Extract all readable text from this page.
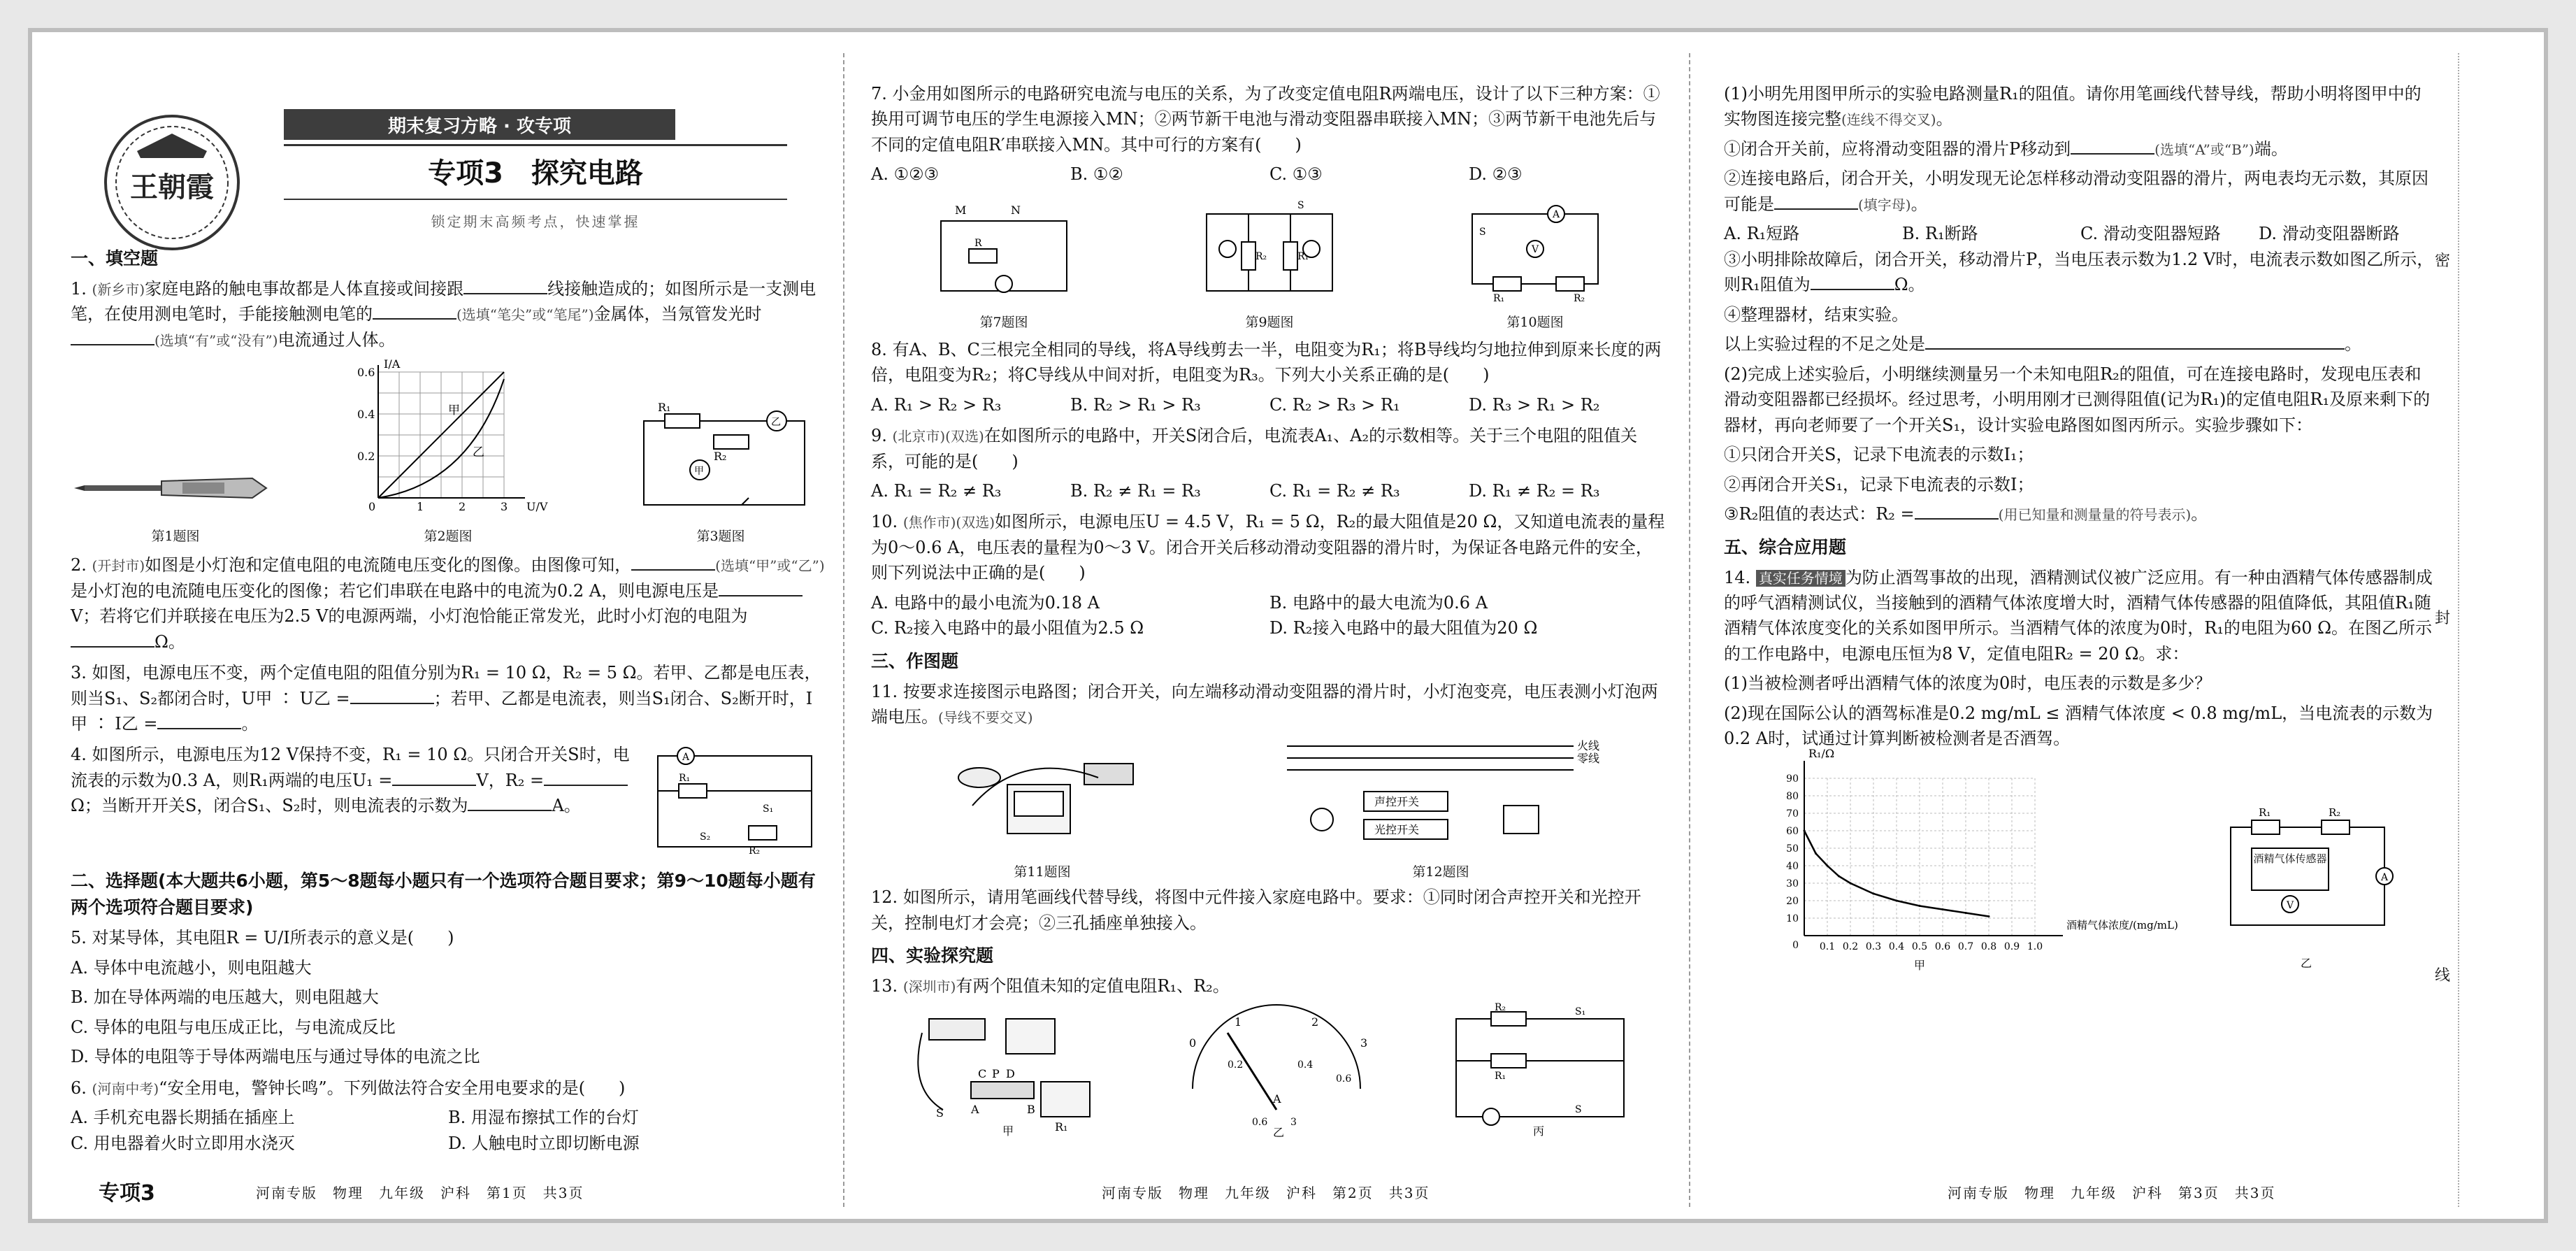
密
封
线
王朝霞
期末复习方略 · 攻专项
专项3　探究电路
锁定期末高频考点，快速掌握
一、填空题
1. (新乡市)家庭电路的触电事故都是人体直接或间接跟	线接触造成的；如图所示是一支测电笔，在使用测电笔时，手能接触测电笔的	(选填“笔尖”或“笔尾”)金属体，当氖管发光时(选填“有”或“没有”)电流通过人体。
第1题图
I/A
U/V
0.6
0.4
0.2
0	1	2	3
甲
乙
第2题图
R₁
R₂
乙
甲
第3题图
2. (开封市)如图是小灯泡和定值电阻的电流随电压变化的图像。由图像可知，	(选填“甲”或“乙”)是小灯泡的电流随电压变化的图像；若它们串联在电路中的电流为0.2 A，则电源电压是V；若将它们并联接在电压为2.5 V的电源两端，小灯泡恰能正常发光，此时小灯泡的电阻为Ω。
3. 如图，电源电压不变，两个定值电阻的阻值分别为R₁ = 10 Ω，R₂ = 5 Ω。若甲、乙都是电压表，则当S₁、S₂都闭合时，U甲 ∶ U乙 =	；若甲、乙都是电流表，则当S₁闭合、S₂断开时，I甲 ∶ I乙 =	。
4. 如图所示，电源电压为12 V保持不变，R₁ = 10 Ω。只闭合开关S时，电流表的示数为0.3 A，则R₁两端的电压U₁ =	V，R₂ =Ω；当断开开关S，闭合S₁、S₂时，则电流表的示数为	A。
A
R₁
R₂
S₁
S₂
二、选择题(本大题共6小题，第5～8题每小题只有一个选项符合题目要求；第9～10题每小题有两个选项符合题目要求)

5. 对某导体，其电阻R = U/I所表示的意义是(　　)

A. 导体中电流越小，则电阻越大

B. 加在导体两端的电压越大，则电阻越大

C. 导体的电阻与电压成正比，与电流成反比

D. 导体的电阻等于导体两端电压与通过导体的电流之比

6. (河南中考)“安全用电，警钟长鸣”。下列做法符合安全用电要求的是(　　)

A. 手机充电器长期插在插座上	B. 用湿布擦拭工作的台灯
C. 用电器着火时立即用水浇灭	D. 人触电时立即切断电源

7. 小金用如图所示的电路研究电流与电压的关系，为了改变定值电阻R两端电压，设计了以下三种方案：①换用可调节电压的学生电源接入MN；②两节新干电池与滑动变阻器串联接入MN；③两节新干电池先后与不同的定值电阻R′串联接入MN。其中可行的方案有(　　)

A. ①②③	B. ①②	C. ①③	D. ②③
M	N
R
第7题图
S
R₂	R₁
第9题图
A
V
S
R₁	R₂
第10题图

8. 有A、B、C三根完全相同的导线，将A导线剪去一半，电阻变为R₁；将B导线均匀地拉伸到原来长度的两倍，电阻变为R₂；将C导线从中间对折，电阻变为R₃。下列大小关系正确的是(　　)

A. R₁ > R₂ > R₃	B. R₂ > R₁ > R₃	C. R₂ > R₃ > R₁	D. R₃ > R₁ > R₂

9. (北京市)(双选)在如图所示的电路中，开关S闭合后，电流表A₁、A₂的示数相等。关于三个电阻的阻值关系，可能的是(　　)

A. R₁ = R₂ ≠ R₃	B. R₂ ≠ R₁ = R₃	C. R₁ = R₂ ≠ R₃	D. R₁ ≠ R₂ = R₃

10. (焦作市)(双选)如图所示，电源电压U = 4.5 V，R₁ = 5 Ω，R₂的最大阻值是20 Ω，又知道电流表的量程为0～0.6 A，电压表的量程为0～3 V。闭合开关后移动滑动变阻器的滑片时，为保证各电路元件的安全，则下列说法中正确的是(　　)

A. 电路中的最小电流为0.18 A	B. 电路中的最大电流为0.6 A
C. R₂接入电路中的最小阻值为2.5 Ω	D. R₂接入电路中的最大阻值为20 Ω
三、作图题
11. 按要求连接图示电路图；闭合开关，向左端移动滑动变阻器的滑片时，小灯泡变亮，电压表测小灯泡两端电压。(导线不要交叉)
第11题图
火线
零线
声控开关
光控开关
第12题图
12. 如图所示，请用笔画线代替导线，将图中元件接入家庭电路中。要求：①同时闭合声控开关和光控开关，控制电灯才会亮；②三孔插座单独接入。
四、实验探究题
13. (深圳市)有两个阻值未知的定值电阻R₁、R₂。
S
C P D
A	B
R₁
甲
0
1	2
3
0.2	0.4
0.6
A
0.6 3
乙
R₂
R₁
S₁
S
丙

(1)小明先用图甲所示的实验电路测量R₁的阻值。请你用笔画线代替导线，帮助小明将图甲中的实物图连接完整(连线不得交叉)。

①闭合开关前，应将滑动变阻器的滑片P移动到	(选填“A”或“B”)端。

②连接电路后，闭合开关，小明发现无论怎样移动滑动变阻器的滑片，两电表均无示数，其原因可能是	(填字母)。

A. R₁短路	B. R₁断路	C. 滑动变阻器短路	D. 滑动变阻器断路

③小明排除故障后，闭合开关，移动滑片P，当电压表示数为1.2 V时，电流表示数如图乙所示，则R₁阻值为	Ω。

④整理器材，结束实验。

以上实验过程的不足之处是	。

(2)完成上述实验后，小明继续测量另一个未知电阻R₂的阻值，可在连接电路时，发现电压表和滑动变阻器都已经损坏。经过思考，小明用刚才已测得阻值(记为R₁)的定值电阻R₁及原来剩下的器材，再向老师要了一个开关S₁，设计实验电路图如图丙所示。实验步骤如下：

①只闭合开关S，记录下电流表的示数I₁；

②再闭合开关S₁，记录下电流表的示数I；

③R₂阻值的表达式：R₂ =	(用已知量和测量量的符号表示)。

五、综合应用题

14. 真实任务情境 为防止酒驾事故的出现，酒精测试仪被广泛应用。有一种由酒精气体传感器制成的呼气酒精测试仪，当接触到的酒精气体浓度增大时，酒精气体传感器的阻值降低，其阻值R₁随酒精气体浓度变化的关系如图甲所示。当酒精气体的浓度为0时，R₁的电阻为60 Ω。在图乙所示的工作电路中，电源电压恒为8 V，定值电阻R₂ = 20 Ω。求：

(1)当被检测者呼出酒精气体的浓度为0时，电压表的示数是多少？

(2)现在国际公认的酒驾标准是0.2 mg/mL ≤ 酒精气体浓度 < 0.8 mg/mL，当电流表的示数为0.2 A时，试通过计算判断被检测者是否酒驾。

10
20
30
40
50
60
70
80
90
0.1 0.2 0.3 0.4 0.5 0.6 0.7 0.8 0.9 1.0
0
R₁/Ω
酒精气体浓度/(mg/mL)
甲
R₁	R₂
酒精气体传感器
V
A
乙
专项3	河南专版　物理　九年级　沪科　第1页　共3页	河南专版　物理　九年级　沪科　第2页　共3页	河南专版　物理　九年级　沪科　第3页　共3页
